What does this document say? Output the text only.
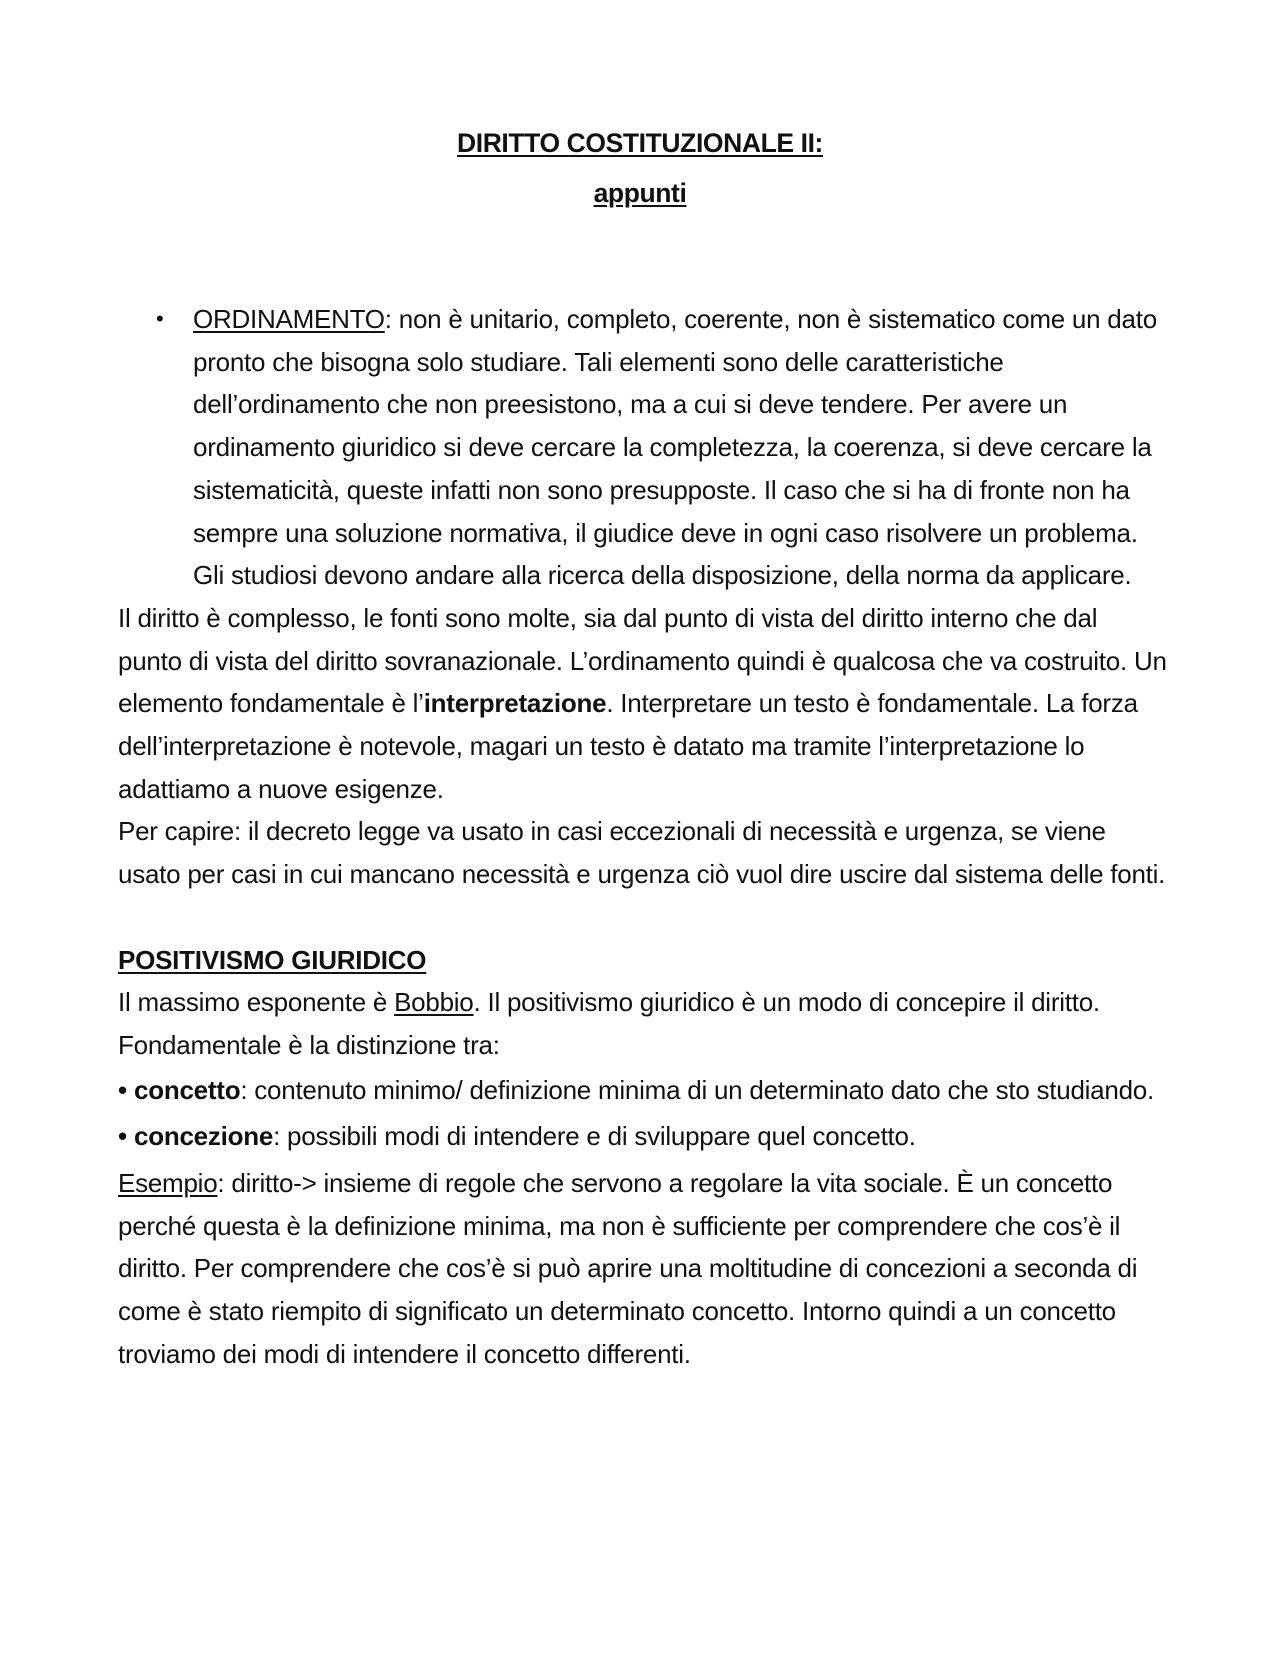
DIRITTO COSTITUZIONALE II:
appunti
• ORDINAMENTO: non è unitario, completo, coerente, non è sistematico come un dato pronto che bisogna solo studiare. Tali elementi sono delle caratteristiche dell’ordinamento che non preesistono, ma a cui si deve tendere. Per avere un ordinamento giuridico si deve cercare la completezza, la coerenza, si deve cercare la sistematicità, queste infatti non sono presupposte. Il caso che si ha di fronte non ha sempre una soluzione normativa, il giudice deve in ogni caso risolvere un problema. Gli studiosi devono andare alla ricerca della disposizione, della norma da applicare.

Il diritto è complesso, le fonti sono molte, sia dal punto di vista del diritto interno che dal punto di vista del diritto sovranazionale. L’ordinamento quindi è qualcosa che va costruito. Un elemento fondamentale è l’interpretazione. Interpretare un testo è fondamentale. La forza dell’interpretazione è notevole, magari un testo è datato ma tramite l’interpretazione lo adattiamo a nuove esigenze.

Per capire: il decreto legge va usato in casi eccezionali di necessità e urgenza, se viene usato per casi in cui mancano necessità e urgenza ciò vuol dire uscire dal sistema delle fonti.

POSITIVISMO GIURIDICO

Il massimo esponente è Bobbio. Il positivismo giuridico è un modo di concepire il diritto. Fondamentale è la distinzione tra:

• concetto: contenuto minimo/ definizione minima di un determinato dato che sto studiando.
• concezione: possibili modi di intendere e di sviluppare quel concetto.

Esempio: diritto-> insieme di regole che servono a regolare la vita sociale. È un concetto perché questa è la definizione minima, ma non è sufficiente per comprendere che cos’è il diritto. Per comprendere che cos’è si può aprire una moltitudine di concezioni a seconda di come è stato riempito di significato un determinato concetto. Intorno quindi a un concetto troviamo dei modi di intendere il concetto differenti.
